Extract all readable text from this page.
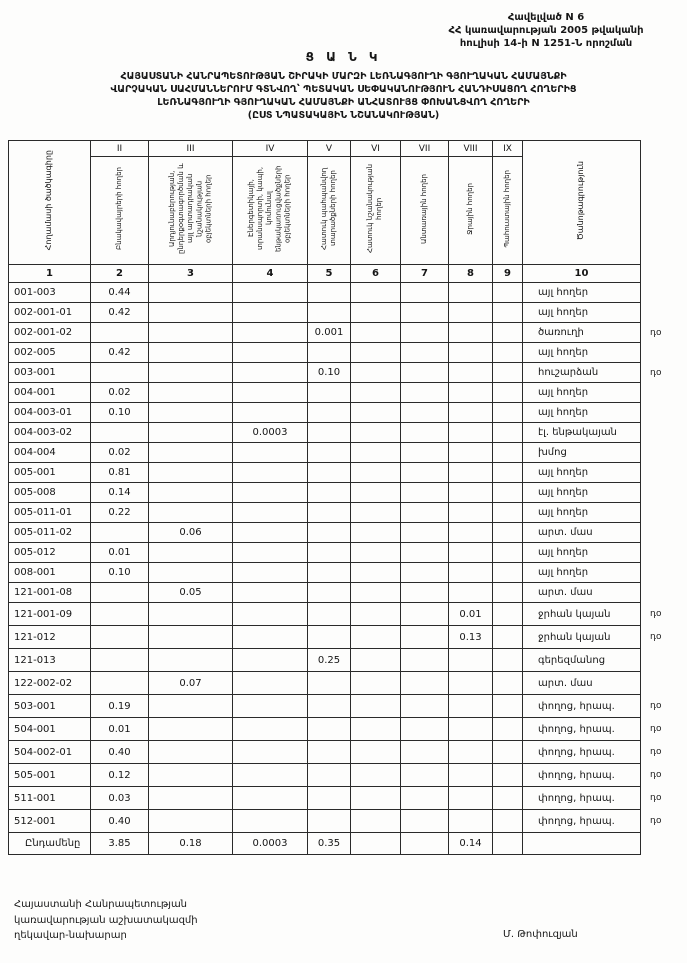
Հավելված N 6
ՀՀ կառավարության 2005 թվականի
հուլիսի 14-ի N 1251-Ն որոշման
Ց Ա Ն Կ
ՀԱՅԱՍՏԱՆԻ ՀԱՆՐԱՊԵՏՈՒԹՅԱՆ ՇԻՐԱԿԻ ՄԱՐԶԻ ԼԵՌՆԱԳՅՈՒՂԻ ԳՅՈՒՂԱԿԱՆ ՀԱՄԱՅՆՔԻ
ՎԱՐՉԱԿԱՆ ՍԱՀՄԱՆՆԵՐՈՒՄ ԳՏՆՎՈՂ՝ ՊԵՏԱԿԱՆ ՍԵՓԱԿԱՆՈՒԹՅՈՒՆ ՀԱՆԴԻՍԱՑՈՂ ՀՈՂԵՐԻՑ
ԼԵՌՆԱԳՅՈՒՂԻ ԳՅՈՒՂԱԿԱՆ ՀԱՄԱՅՆՔԻ ԱՆՀԱՏՈՒՅՑ ՓՈԽԱՆՑՎՈՂ ՀՈՂԵՐԻ
(ԸՍՏ ՆՊԱՏԱԿԱՅԻՆ ՆՇԱՆԱԿՈՒԹՅԱՆ)
Հողամասի ծածկագիրը	II	III	IV	V	VI	VII	VIII	IX	Ծանոթագրություն	
	Բնակավայրերի հողեր	Արդյունաբերության, ընդերքօգտագործման և այլ արտադրական նշանակության օբյեկտների հողեր	Էներգետիկայի, տրանսպորտի, կապի, կոմունալ ենթակառուցվածքների օբյեկտների հողեր	Հատուկ պահպանվող տարածքների հողեր	Հատուկ նշանակության հողեր	Անտառային հողեր	Ջրային հողեր	Պահուստային հողեր		
1	2	3	4	5	6	7	8	9	10	
001-003	0.44								այլ հողեր	
002-001-01	0.42								այլ հողեր	
002-001-02				0.001					ծառուղի	դօ
002-005	0.42								այլ հողեր	
003-001				0.10					հուշարձան	դօ
004-001	0.02								այլ հողեր	
004-003-01	0.10								այլ հողեր	
004-003-02			0.0003						էլ. ենթակայան	
004-004	0.02								խմոց	
005-001	0.81								այլ հողեր	
005-008	0.14								այլ հողեր	
005-011-01	0.22								այլ հողեր	
005-011-02		0.06							արտ. մաս	
005-012	0.01								այլ հողեր	
008-001	0.10								այլ հողեր	
121-001-08		0.05							արտ. մաս	
121-001-09							0.01		ջրհան կայան	դօ
121-012							0.13		ջրհան կայան	դօ
121-013				0.25					գերեզմանոց	
122-002-02		0.07							արտ. մաս	
503-001	0.19								փողոց, հրապ.	դօ
504-001	0.01								փողոց, հրապ.	դօ
504-002-01	0.40								փողոց, հրապ.	դօ
505-001	0.12								փողոց, հրապ.	դօ
511-001	0.03								փողոց, հրապ.	դօ
512-001	0.40								փողոց, հրապ.	դօ
Ընդամենը	3.85	0.18	0.0003	0.35			0.14			
Հայաստանի Հանրապետության
կառավարության աշխատակազմի
ղեկավար-նախարար	Մ. Թոփուզյան
